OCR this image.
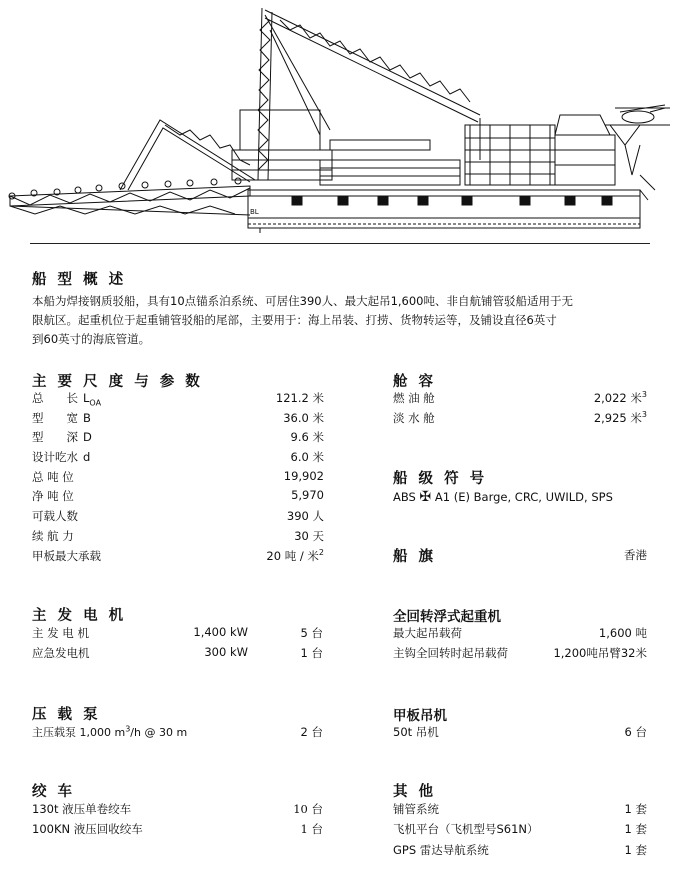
BL
船 型 概 述
本船为焊接钢质驳船，具有10点锚系泊系统、可居住390人、最大起吊1,600吨、非自航铺管驳船适用于无
限航区。起重机位于起重铺管驳船的尾部，主要用于：海上吊装、打捞、货物转运等，及铺设直径6英寸
到60英寸的海底管道。
主 要 尺 度 与 参 数
总　　长 $L_{OA}$	121.2 米
型　　宽 B	36.0 米
型　　深 D	9.6 米
设计吃水 d	6.0 米
总 吨 位	19,902
净 吨 位	5,970
可载人数	390 人
续 航 力	30 天
甲板最大承载	20 吨 / 米$^2$
舱 容
燃 油 舱	2,022 米$^3$
淡 水 舱	2,925 米$^3$
船 级 符 号
ABS ✠ A1 (E) Barge, CRC, UWILD, SPS
船 旗	香港
主 发 电 机
主 发 电 机	1,400 kW	5 台
应急发电机	300 kW	1 台
全回转浮式起重机
最大起吊载荷	1,600 吨
主钩全回转时起吊载荷	1,200吨吊臂32米
压 载 泵
主压载泵 1,000 $m^3/h$ @ 30 m	2 台
甲板吊机
50t 吊机	6 台
绞 车
130t 液压单卷绞车	10 台
100KN 液压回收绞车	1 台
其 他
铺管系统	1 套
飞机平台（飞机型号S61N）	1 套
GPS 雷达导航系统	1 套
